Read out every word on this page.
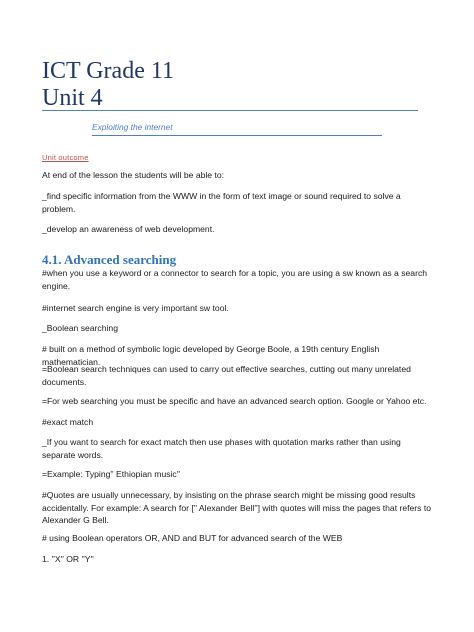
ICT Grade 11
Unit 4
Exploiting the internet
Unit outcome
At end of the lesson the students will be able to:
_find specific information from the WWW in the form of text image or sound required to solve a problem.
_develop an awareness of web development.
4.1. Advanced searching
#when you use a keyword or a connector to search for a topic, you are using a sw known as a search engine.
#internet search engine is very important sw tool.
_Boolean searching
# built on a method of symbolic logic developed by George Boole, a 19th century English mathematician.
=Boolean search techniques can used to carry out effective searches, cutting out many unrelated documents.
=For web searching you must be specific and have an advanced search option. Google or Yahoo etc.
#exact match
_If you want to search for exact match then use phases with quotation marks rather than using separate words.
=Example: Typing'' Ethiopian music''
#Quotes are usually unnecessary, by insisting on the phrase search might be missing good results accidentally. For example: A search for ['' Alexander Bell''] with quotes will miss the pages that refers to Alexander G Bell.
# using Boolean operators OR, AND and BUT for advanced search of the WEB
1. ''X'' OR ''Y''
